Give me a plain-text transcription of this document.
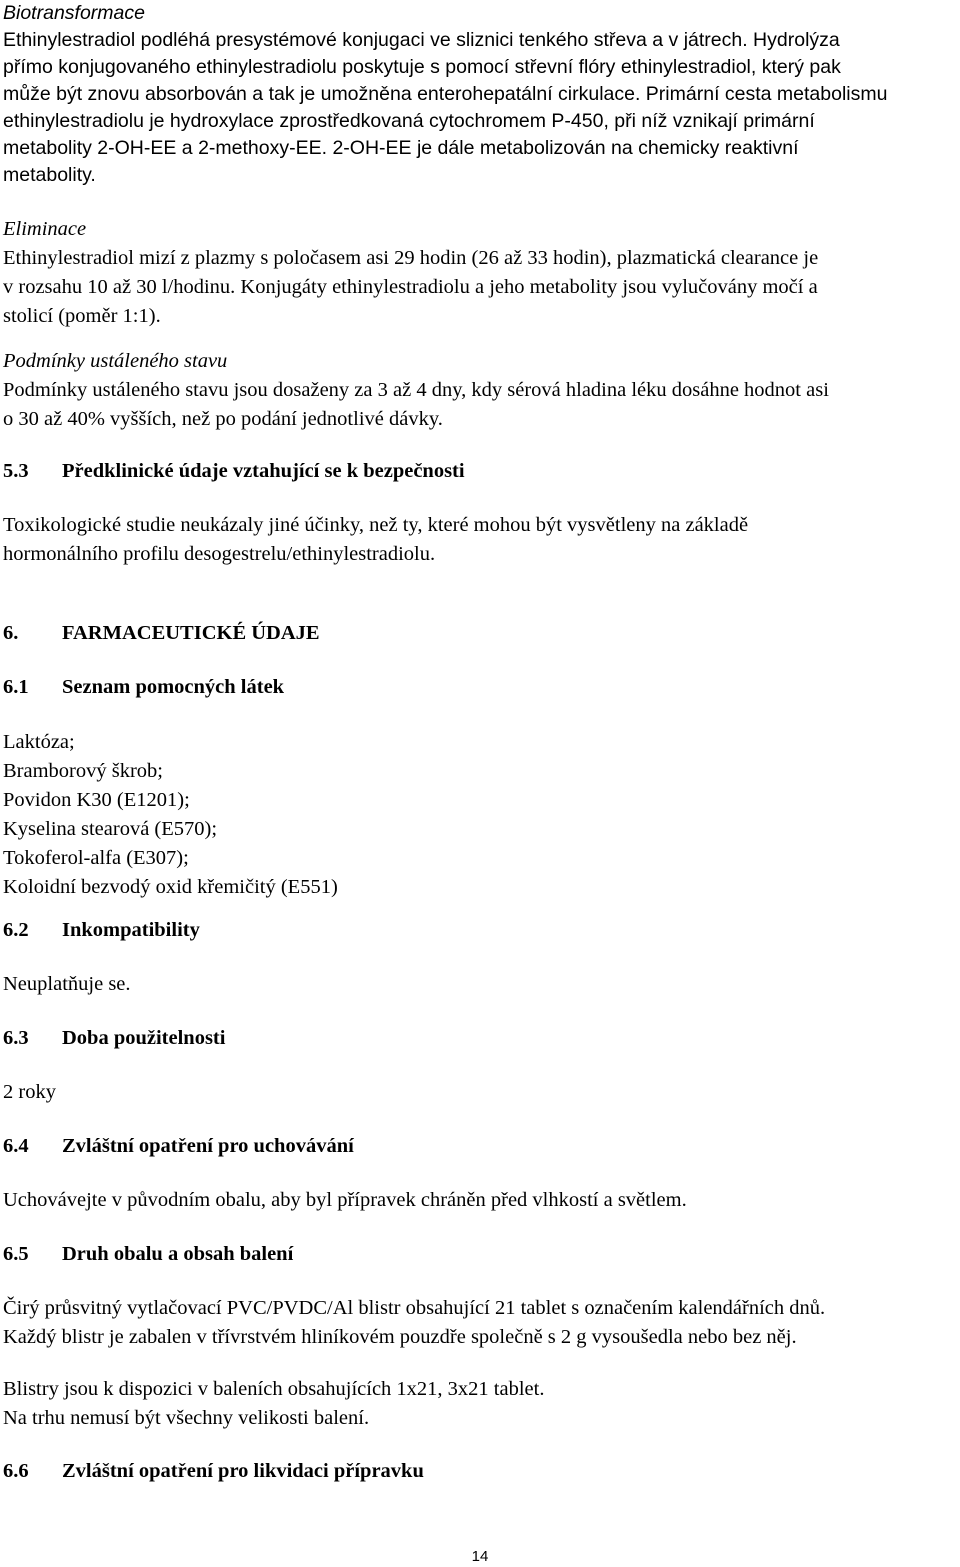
Biotransformace
Ethinylestradiol podléhá presystémové konjugaci ve sliznici tenkého střeva a v játrech. Hydrolýza
přímo konjugovaného ethinylestradiolu poskytuje s pomocí střevní flóry ethinylestradiol, který pak
může být znovu absorbován a tak je umožněna enterohepatální cirkulace. Primární cesta metabolismu
ethinylestradiolu je hydroxylace zprostředkovaná cytochromem P-450, při níž vznikají primární
metabolity 2-OH-EE a 2-methoxy-EE. 2-OH-EE je dále metabolizován na chemicky reaktivní
metabolity.
Eliminace
Ethinylestradiol mizí z plazmy s poločasem asi 29 hodin (26 až 33 hodin), plazmatická clearance je
v rozsahu 10 až 30 l/hodinu. Konjugáty ethinylestradiolu a jeho metabolity jsou vylučovány močí a
stolicí (poměr 1:1).
Podmínky ustáleného stavu
Podmínky ustáleného stavu jsou dosaženy za 3 až 4 dny, kdy sérová hladina léku dosáhne hodnot asi
o 30 až 40% vyšších, než po podání jednotlivé dávky.
5.3 Předklinické údaje vztahující se k bezpečnosti
Toxikologické studie neukázaly jiné účinky, než ty, které mohou být vysvětleny na základě
hormonálního profilu desogestrelu/ethinylestradiolu.
6. FARMACEUTICKÉ ÚDAJE
6.1 Seznam pomocných látek
Laktóza;
Bramborový škrob;
Povidon K30 (E1201);
Kyselina stearová (E570);
Tokoferol-alfa (E307);
Koloidní bezvodý oxid křemičitý (E551)
6.2 Inkompatibility
Neuplatňuje se.
6.3 Doba použitelnosti
2 roky
6.4 Zvláštní opatření pro uchovávání
Uchovávejte v původním obalu, aby byl přípravek chráněn před vlhkostí a světlem.
6.5 Druh obalu a obsah balení
Čirý průsvitný vytlačovací PVC/PVDC/Al blistr obsahující 21 tablet s označením kalendářních dnů.
Každý blistr je zabalen v třívrstvém hliníkovém pouzdře společně s 2 g vysoušedla nebo bez něj.
Blistry jsou k dispozici v baleních obsahujících 1x21, 3x21 tablet.
Na trhu nemusí být všechny velikosti balení.
6.6 Zvláštní opatření pro likvidaci přípravku
14
